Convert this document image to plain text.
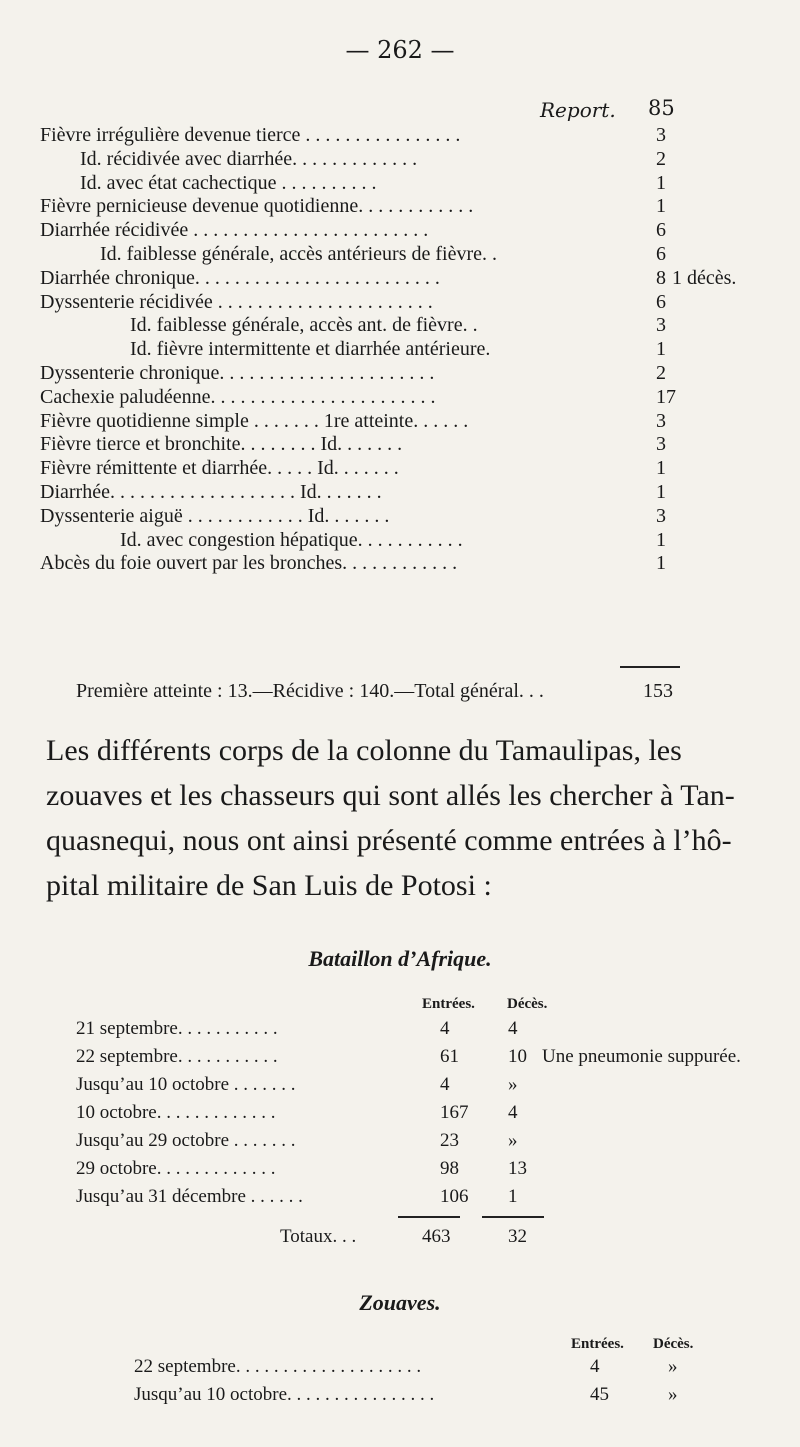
— 262 —
Report. 85
Fièvre irrégulière devenue tierce . . . . . . . . . . . . . . . .	3
Id. récidivée avec diarrhée. . . . . . . . . . . . .	2
Id. avec état cachectique . . . . . . . . . .	1
Fièvre pernicieuse devenue quotidienne. . . . . . . . . . . .	1
Diarrhée récidivée . . . . . . . . . . . . . . . . . . . . . . . .	6
Id. faiblesse générale, accès antérieurs de fièvre. .	6
Diarrhée chronique. . . . . . . . . . . . . . . . . . . . . . . . .	8 1 décès.
Dyssenterie récidivée . . . . . . . . . . . . . . . . . . . . . .	6
Id. faiblesse générale, accès ant. de fièvre. .	3
Id. fièvre intermittente et diarrhée antérieure.	1
Dyssenterie chronique. . . . . . . . . . . . . . . . . . . . . .	2
Cachexie paludéenne. . . . . . . . . . . . . . . . . . . . . . .	17
Fièvre quotidienne simple . . . . . . . 1re atteinte. . . . . .	3
Fièvre tierce et bronchite. . . . . . . . Id. . . . . . .	3
Fièvre rémittente et diarrhée. . . . . Id. . . . . . .	1
Diarrhée. . . . . . . . . . . . . . . . . . . Id. . . . . . .	1
Dyssenterie aiguë . . . . . . . . . . . . Id. . . . . . .	3
Id. avec congestion hépatique. . . . . . . . . . .	1
Abcès du foie ouvert par les bronches. . . . . . . . . . . .	1
Première atteinte : 13.—Récidive : 140.—Total général. . .	153
Les différents corps de la colonne du Tamaulipas, les
zouaves et les chasseurs qui sont allés les chercher à Tan-
quasnequi, nous ont ainsi présenté comme entrées à l’hô-
pital militaire de San Luis de Potosi :
Bataillon d’Afrique.
Entrées. Décès.
21 septembre. . . . . . . . . . .	4	4
22 septembre. . . . . . . . . . .	61	10 Une pneumonie suppurée.
Jusqu’au 10 octobre . . . . . . .	4	»
10 octobre. . . . . . . . . . . . .	167 4
Jusqu’au 29 octobre . . . . . . .	23	»
29 octobre. . . . . . . . . . . . .	98	13
Jusqu’au 31 décembre . . . . . .	106 1
Totaux. . .	463	32
Zouaves.
Entrées. Décès.
22 septembre. . . . . . . . . . . . . . . . . . . .	4	»
Jusqu’au 10 octobre. . . . . . . . . . . . . . . .	45	»
